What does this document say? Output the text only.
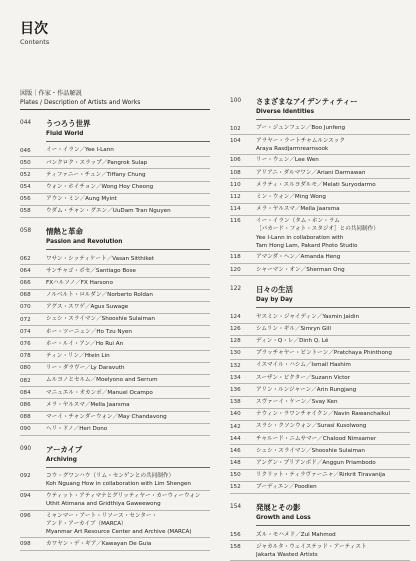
目次
Contents
図版｜作家・作品解説
Plates / Description of Artists and Works
044	うつろう世界
Fluid World
046	イー・イラン／Yee I-Lann
050	パンクロク・スラップ／Pangrok Sulap
052	ティファニー・チュン／Tiffany Chung
054	ウォン・ホイチョン／Wong Hoy Cheong
056	アウン・ミン／Aung Myint
058	ウダム・チャン・グエン／UuDam Tran Nguyen
058	情熱と革命
Passion and Revolution
062	ワサン・シッティケート／Vasan Sitthiket
064	サンチャゴ・ボセ／Santiago Bose
066	FXハルソノ／FX Harsono
068	ノルベルト・ロルダン／Norberto Roldan
070	アグス・スワゲ／Agus Suwage
072	シュシ・スライマン／Shooshie Sulaiman
074	ホー・ツーニェン／Ho Tzu Nyen
076	ホー・ルイ・アン／Ho Rui An
078	ティン・リン／Htein Lin
080	リー・ダラヴー／Ly Daravuth
082	ムルヨノとセルム／Moelyono and Serrum
084	マニュエル・オカンポ／Manuel Ocampo
086	メラ・ヤルスマ／Mella Jaarsma
088	マーイ・チャンダーウォン／May Chandavong
090	ヘリ・ドノ／Heri Dono
090	アーカイブ
Archiving
092	コウ・グワンハウ（リム・センゲンとの共同制作）
Koh Nguang How in collaboration with Lim Shengen
094	ウティット・アティマナとグリッティヤー・カーウィーウォン
Uthit Atimana and Gridthiya Gaweewong
096	ミャンマー・アート・リソース・センター・
アンド・アーカイブ（MARCA）
Myanmar Art Resource Center and Archive (MARCA)
098	カワヤン・デ・ギア／Kawayan De Guia
100	さまざまなアイデンティティー
Diverse Identities
102	ブー・ジュンフェン／Boo Junfeng
104	アラヤー・ラートチャムルンスック
Araya Rasdjarmrearnsook
106	リー・ウェン／Lee Wen
108	アリアニ・ダルマワン／Ariani Darmawan
110	メラティ・スルヨダルモ／Melati Suryodarmo
112	ミン・ウォン／Ming Wong
114	メラ・ヤルスマ／Mella Jaarsma
116	イー・イラン（タム・ホン・ラム
［パカード・フォト・スタジオ］との共同制作）
Yee I-Lann in collaboration with
Tam Hong Lam, Pakard Photo Studio
118	アマンダ・ヘン／Amanda Heng
120	シャーマン・オン／Sherman Ong
122	日々の生活
Day by Day
124	ヤスミン・ジャイディン／Yasmin Jaidin
126	シムリン・ギル／Simryn Gill
128	ディン・Q・レ／Dinh Q. Lê
130	プラッチャヤー・ピントーン／Pratchaya Phinthong
132	イスマイル・ハシム／Ismail Hashim
134	スーザン・ビクター／Suzann Victor
136	アリン・ルンジャーン／Arin Rungjang
138	スヴァーイ・ケーン／Svay Ken
140	ナウィン・ラワンチャイクン／Navin Rawanchaikul
142	スラシ・クソンウォン／Surasi Kusolwong
144	チャルード・ニムサマー／Chalood Nimsamer
146	シュシ・スライマン／Shooshie Sulaiman
148	アングン・プリアンボド／Anggun Priambodo
150	リクリット・ティラヴァーニャ／Rirkrit Tiravanija
152	プーディエン／Poodien
154	発展とその影
Growth and Loss
156	ズル・モハメド／Zul Mahmod
158	ジャカルタ・ウェイステッド・アーティスト
Jakarta Wasted Artists
